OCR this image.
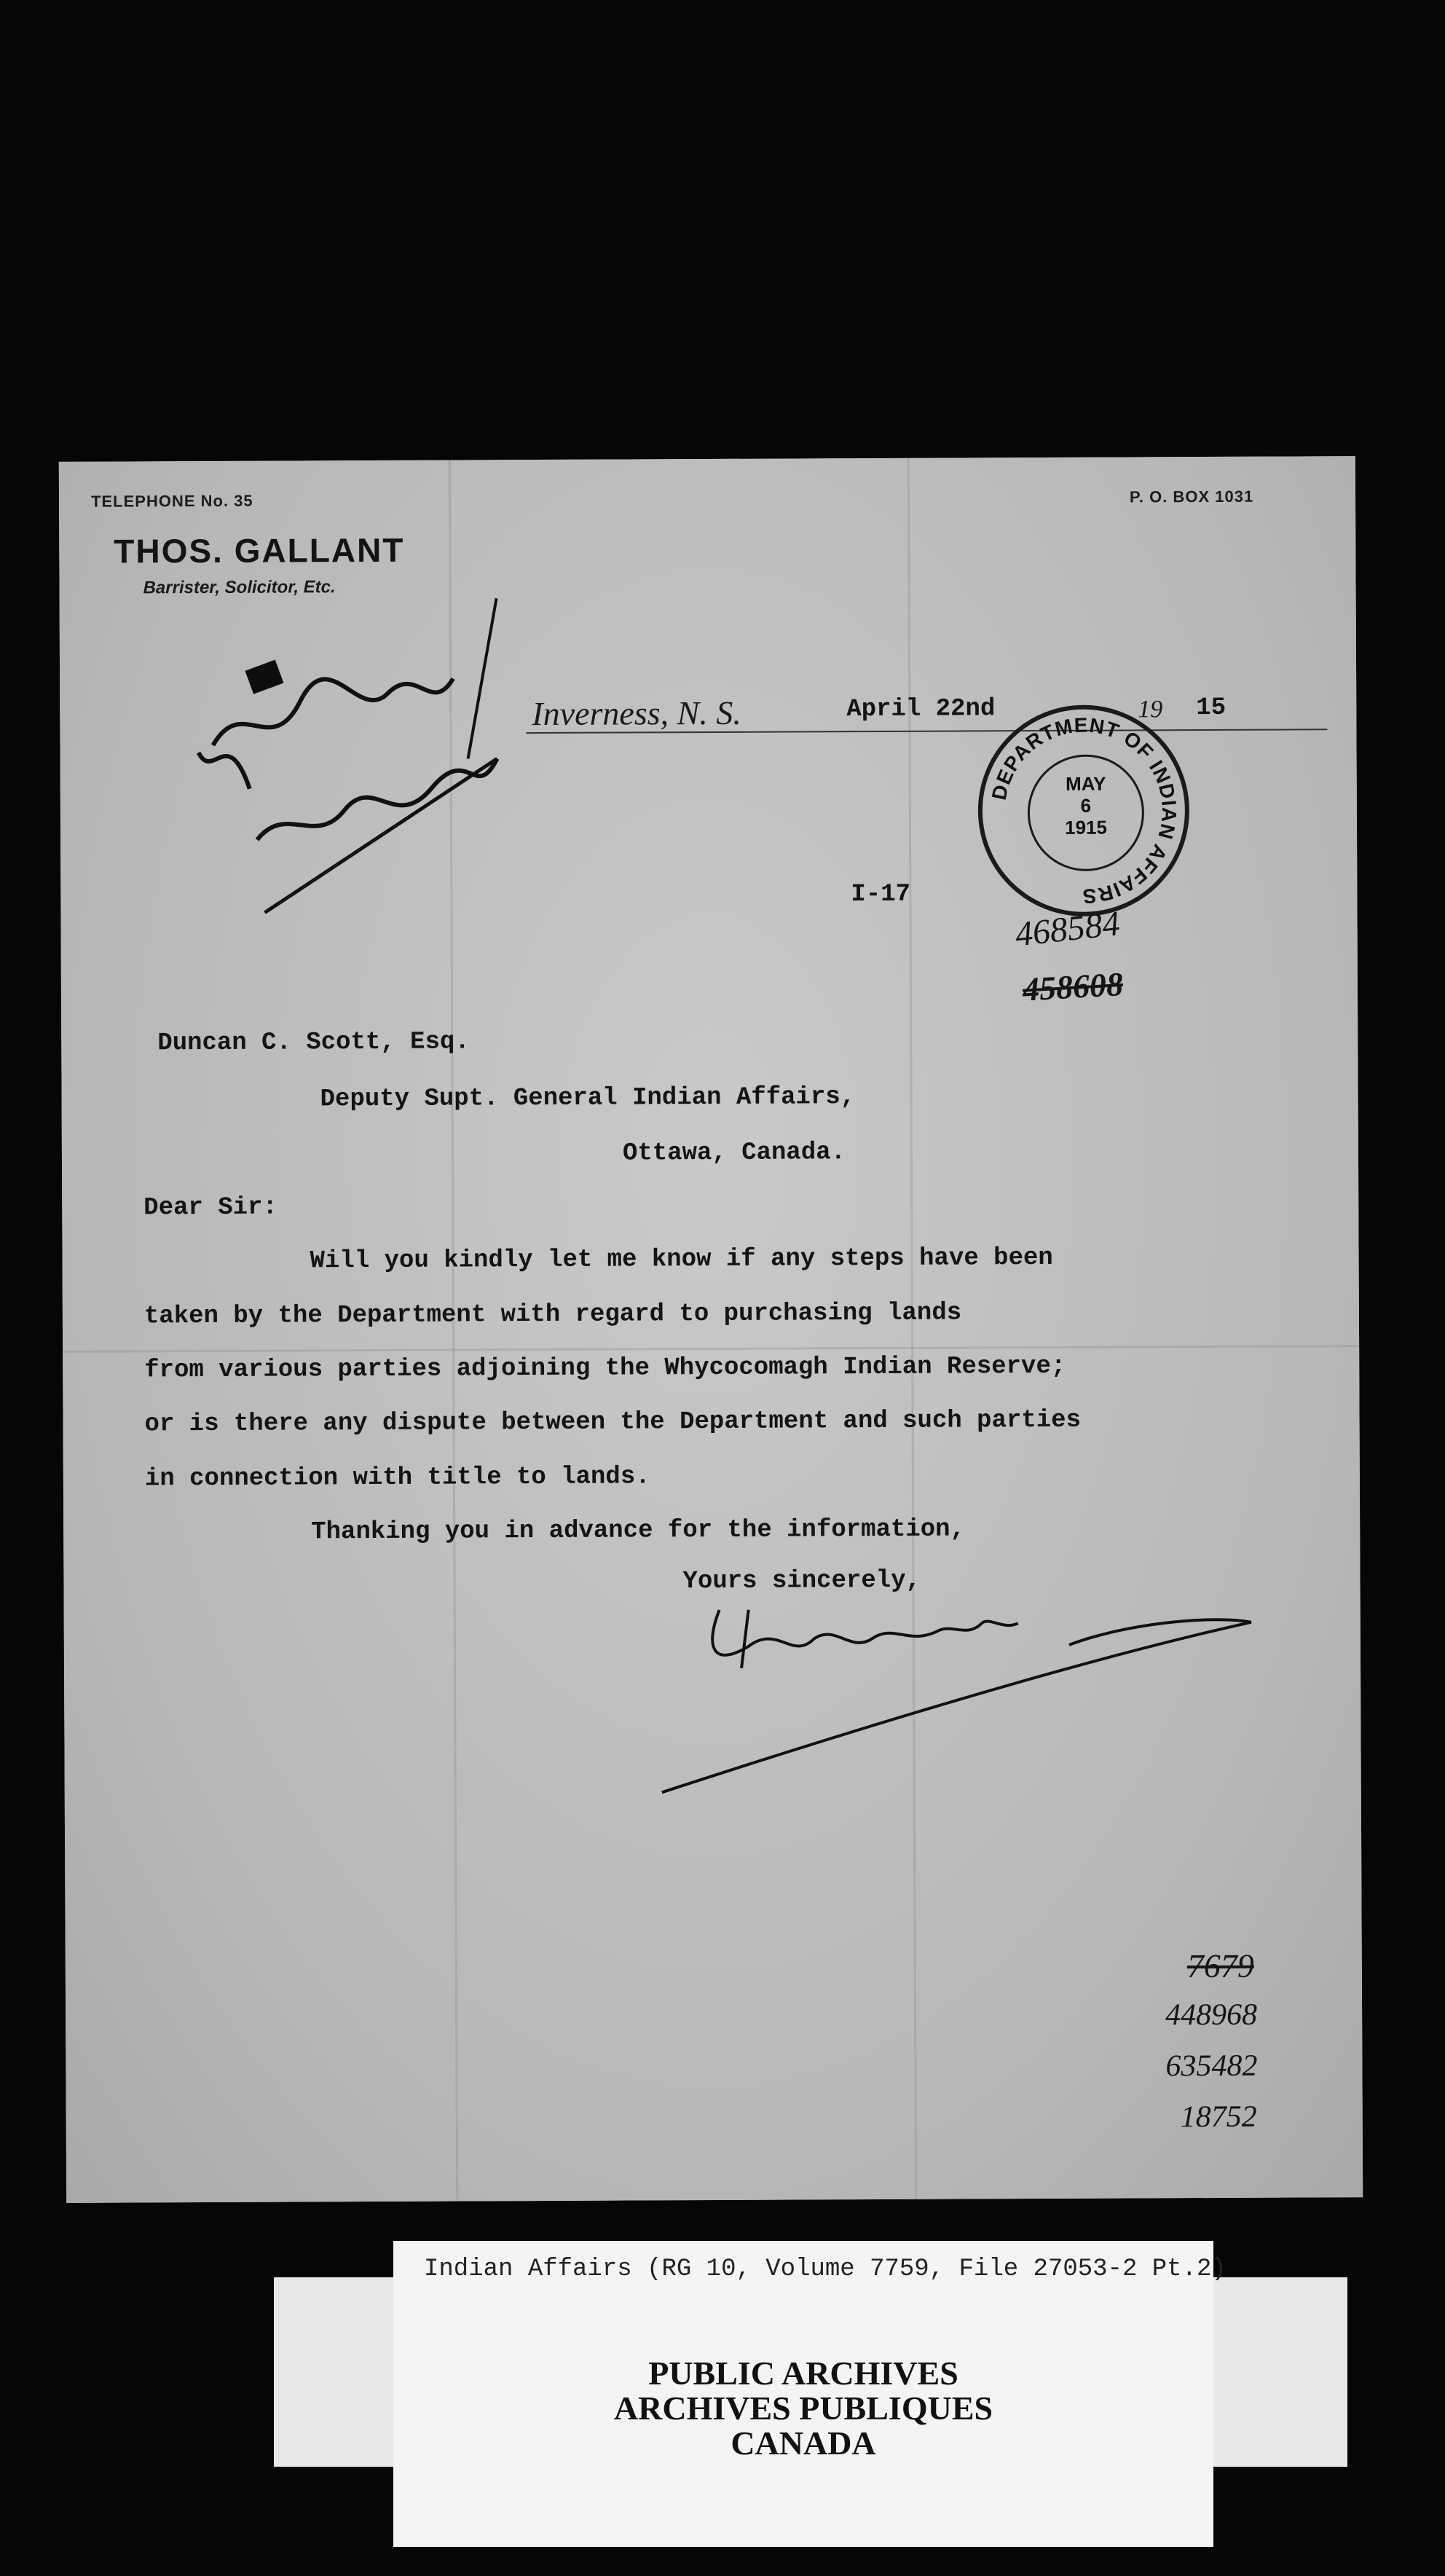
TELEPHONE No. 35	P. O. BOX 1031
THOS. GALLANT
Barrister, Solicitor, Etc.
Inverness, N. S.	April 22nd	19 15
DEPARTMENT OF INDIAN AFFAIRS
MAY
6
1915
I-17
468584
458608
Duncan C. Scott, Esq.
Deputy Supt. General Indian Affairs,
Ottawa, Canada.
Dear Sir:
Will you kindly let me know if any steps have been
taken by the Department with regard to purchasing lands
from various parties adjoining the Whycocomagh Indian Reserve;
or is there any dispute between the Department and such parties
in connection with title to lands.
Thanking you in advance for the information,
Yours sincerely,
7679
448968
635482
18752
Indian Affairs (RG 10, Volume 7759, File 27053-2 Pt.2)
PUBLIC ARCHIVES
ARCHIVES PUBLIQUES
CANADA
